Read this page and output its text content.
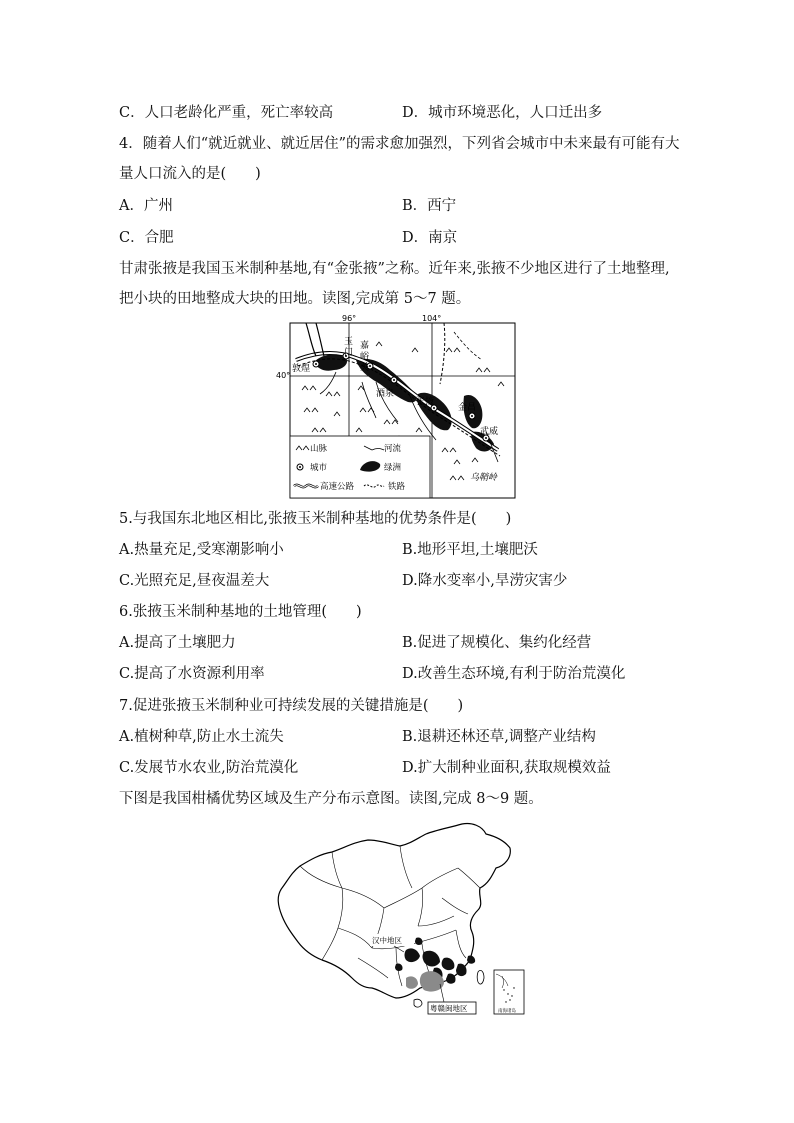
C．人口老龄化严重，死亡率较高	D．城市环境恶化，人口迁出多
4．随着人们“就近就业、就近居住”的需求愈加强烈，下列省会城市中未来最有可能有大
量人口流入的是(　　)
A．广州	B．西宁
C．合肥	D．南京
甘肃张掖是我国玉米制种基地,有“金张掖”之称。近年来,张掖不少地区进行了土地整理,
把小块的田地整成大块的田地。读图,完成第 5～7 题。
96°	104°
40°
敦煌
玉
门
嘉
峪
关
酒泉
张掖
金昌
武威
乌鞘岭
山脉	河流
城市	绿洲
高速公路	铁路
5.与我国东北地区相比,张掖玉米制种基地的优势条件是(　　)
A.热量充足,受寒潮影响小	B.地形平坦,土壤肥沃
C.光照充足,昼夜温差大	D.降水变率小,旱涝灾害少
6.张掖玉米制种基地的土地管理(　　)
A.提高了土壤肥力	B.促进了规模化、集约化经营
C.提高了水资源利用率	D.改善生态环境,有利于防治荒漠化
7.促进张掖玉米制种业可持续发展的关键措施是(　　)
A.植树种草,防止水土流失	B.退耕还林还草,调整产业结构
C.发展节水农业,防治荒漠化	D.扩大制种业面积,获取规模效益
下图是我国柑橘优势区域及生产分布示意图。读图,完成 8～9 题。
汉中地区
粤赣闽地区	南海诸岛
